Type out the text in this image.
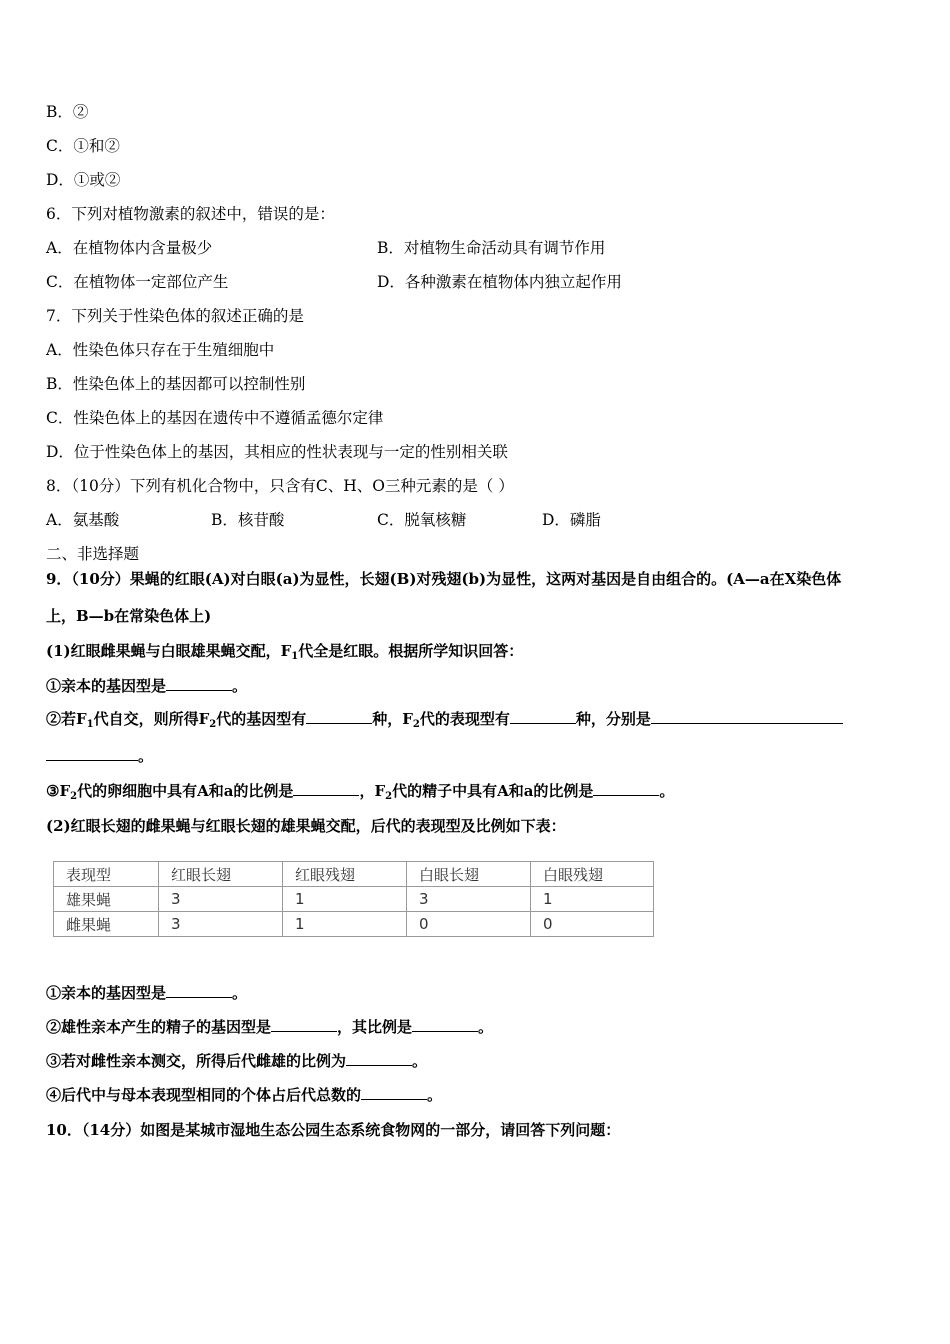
B．②
C．①和②
D．①或②
6．下列对植物激素的叙述中，错误的是：
A．在植物体内含量极少	B．对植物生命活动具有调节作用
C．在植物体一定部位产生	D．各种激素在植物体内独立起作用
7．下列关于性染色体的叙述正确的是
A．性染色体只存在于生殖细胞中
B．性染色体上的基因都可以控制性别
C．性染色体上的基因在遗传中不遵循孟德尔定律
D．位于性染色体上的基因，其相应的性状表现与一定的性别相关联
8．（10分）下列有机化合物中，只含有C、H、O三种元素的是（ ）
A．氨基酸	B．核苷酸	C．脱氧核糖	D．磷脂
二、非选择题
9．（10分）果蝇的红眼(A)对白眼(a)为显性，长翅(B)对残翅(b)为显性，这两对基因是自由组合的。(A—a在X染色体
上，B—b在常染色体上)
(1)红眼雌果蝇与白眼雄果蝇交配，$F_1$代全是红眼。根据所学知识回答：
①亲本的基因型是	。
②若$F_1$代自交，则所得$F_2$代的基因型有	种，$F_2$代的表现型有	种，分别是
。
$③F_2$代的卵细胞中具有A和a的比例是	，$F_2$代的精子中具有A和a的比例是	。
(2)红眼长翅的雌果蝇与红眼长翅的雄果蝇交配，后代的表现型及比例如下表：
表现型	红眼长翅	红眼残翅	白眼长翅	白眼残翅
雄果蝇	3	1	3	1
雌果蝇	3	1	0	0
①亲本的基因型是	。
②雄性亲本产生的精子的基因型是	，其比例是	。
③若对雌性亲本测交，所得后代雌雄的比例为	。
④后代中与母本表现型相同的个体占后代总数的	。
10．（14分）如图是某城市湿地生态公园生态系统食物网的一部分，请回答下列问题：
